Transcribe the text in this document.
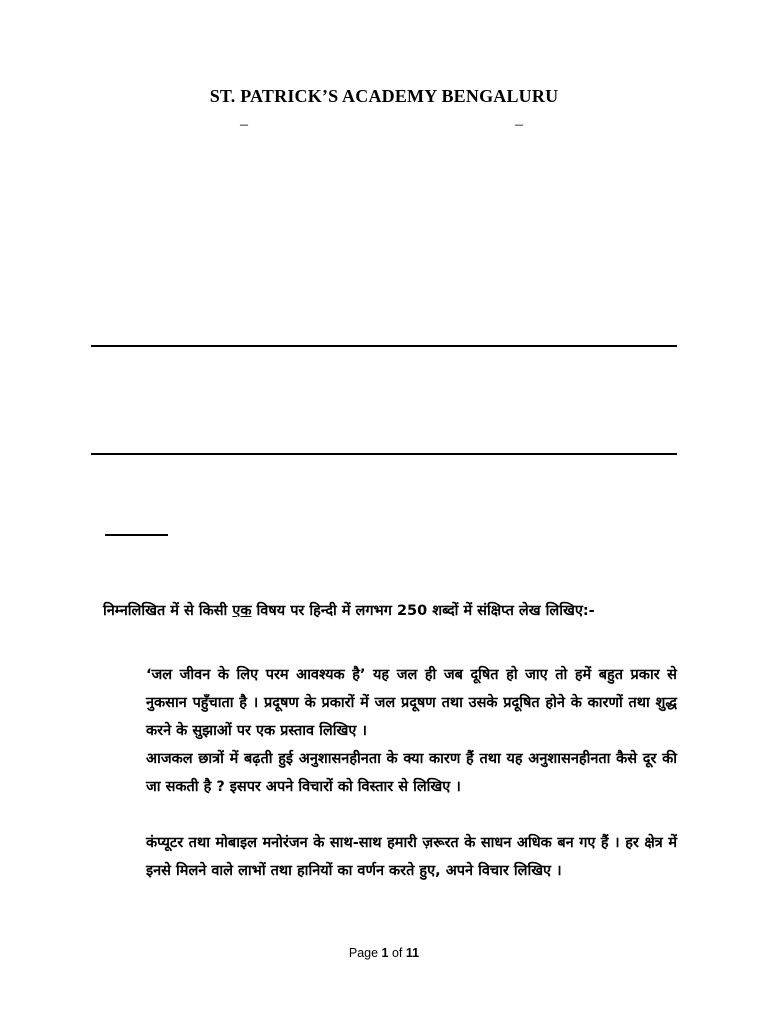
ST. PATRICK’S ACADEMY BENGALURU
–	–
निम्नलिखित में से किसी एक विषय पर हिन्दी में लगभग 250 शब्दों में संक्षिप्त लेख लिखिए:-
‘जल जीवन के लिए परम आवश्यक है’ यह जल ही जब दूषित हो जाए तो हमें बहुत प्रकार से नुकसान पहुँचाता है । प्रदूषण के प्रकारों में जल प्रदूषण तथा उसके प्रदूषित होने के कारणों तथा शुद्ध करने के सुझाओं पर एक प्रस्ताव लिखिए ।
आजकल छात्रों में बढ़ती हुई अनुशासनहीनता के क्या कारण हैं तथा यह अनुशासनहीनता कैसे दूर की जा सकती है ? इसपर अपने विचारों को विस्तार से लिखिए ।
कंप्यूटर तथा मोबाइल मनोरंजन के साथ-साथ हमारी ज़रूरत के साधन अधिक बन गए हैं । हर क्षेत्र में इनसे मिलने वाले लाभों तथा हानियों का वर्णन करते हुए, अपने विचार लिखिए ।
Page 1 of 11
